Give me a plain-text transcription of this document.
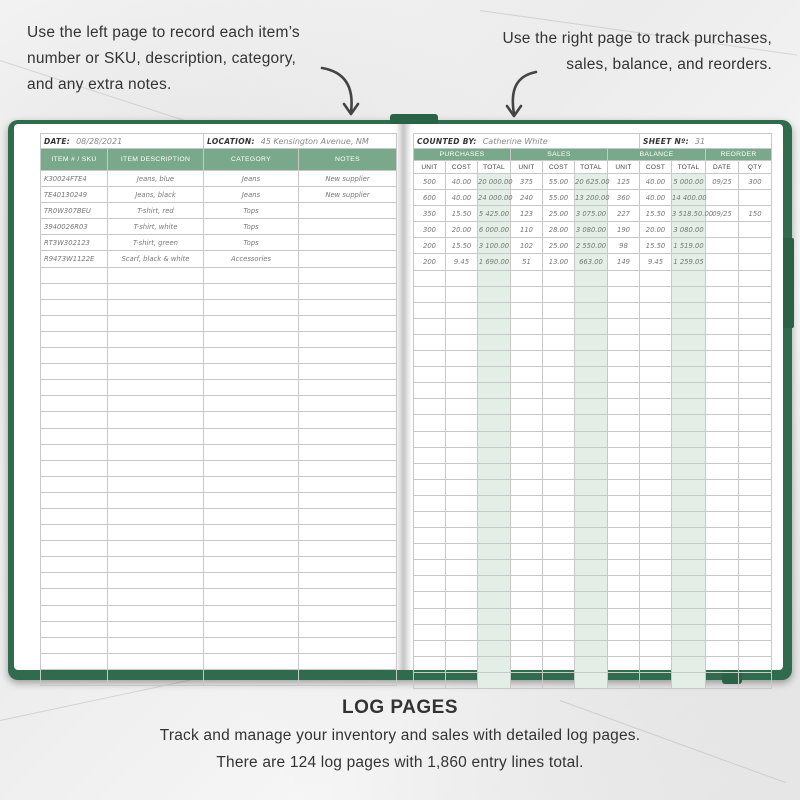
Use the left page to record each item’s
number or SKU, description, category,
and any extra notes.
Use the right page to track purchases,
sales, balance, and reorders.
DATE: 08/28/2021		LOCATION: 45 Kensington Avenue, NM	
ITEM # / SKU	ITEM DESCRIPTION	CATEGORY	NOTES
K30024FTE4	Jeans, blue	Jeans	New supplier
TE40130249	Jeans, black	Jeans	New supplier
TR0W307BEU	T-shirt, red	Tops	
3940026R03	T-shirt, white	Tops	
RT3W302123	T-shirt, green	Tops	
R9473W1122E	Scarf, black & white	Accessories	

COUNTED BY: Catherine White							SHEET Nº: 31			
PURCHASES			SALES			BALANCE			REORDER	
UNIT	COST	TOTAL	UNIT	COST	TOTAL	UNIT	COST	TOTAL	DATE	QTY
500	40.00	20 000.00	375	55.00	20 625.00	125	40.00	5 000.00	09/25	300
600	40.00	24 000.00	240	55.00	13 200.00	360	40.00	14 400.00		
350	15.50	5 425.00	123	25.00	3 075.00	227	15.50	3 518.50.00	09/25	150
300	20.00	6 000.00	110	28.00	3 080.00	190	20.00	3 080.00		
200	15.50	3 100.00	102	25.00	2 550.00	98	15.50	1 519.00		
200	9.45	1 690.00	51	13.00	663.00	149	9.45	1 259.05		

LOG PAGES
Track and manage your inventory and sales with detailed log pages.
There are 124 log pages with 1,860 entry lines total.
